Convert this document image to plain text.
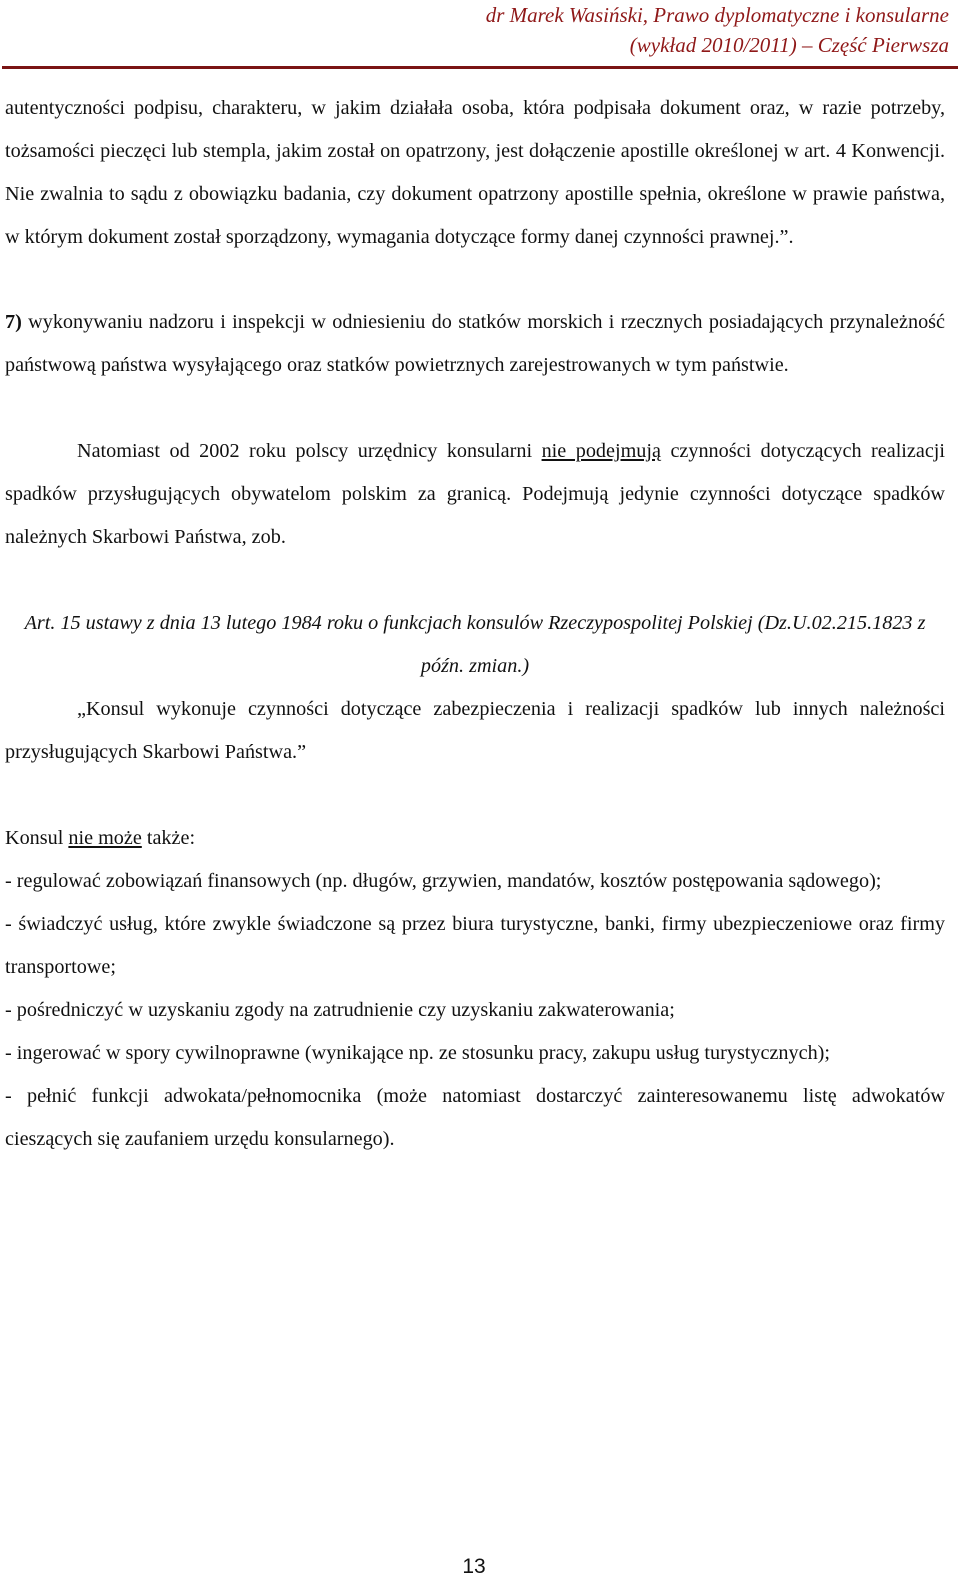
dr Marek Wasiński, Prawo dyplomatyczne i konsularne
(wykład 2010/2011) – Część Pierwsza

autentyczności podpisu, charakteru, w jakim działała osoba, która podpisała dokument oraz, w razie potrzeby, tożsamości pieczęci lub stempla, jakim został on opatrzony, jest dołączenie apostille określonej w art. 4 Konwencji. Nie zwalnia to sądu z obowiązku badania, czy dokument opatrzony apostille spełnia, określone w prawie państwa, w którym dokument został sporządzony, wymagania dotyczące formy danej czynności prawnej.”.

7) wykonywaniu nadzoru i inspekcji w odniesieniu do statków morskich i rzecznych posiadających przynależność państwową państwa wysyłającego oraz statków powietrznych zarejestrowanych w tym państwie.

Natomiast od 2002 roku polscy urzędnicy konsularni nie podejmują czynności dotyczących realizacji spadków przysługujących obywatelom polskim za granicą. Podejmują jedynie czynności dotyczące spadków należnych Skarbowi Państwa, zob.

Art. 15 ustawy z dnia 13 lutego 1984 roku o funkcjach konsulów Rzeczypospolitej Polskiej (Dz.U.02.215.1823 z późn. zmian.)

„Konsul wykonuje czynności dotyczące zabezpieczenia i realizacji spadków lub innych należności przysługujących Skarbowi Państwa.”

Konsul nie może także:

- regulować zobowiązań finansowych (np. długów, grzywien, mandatów, kosztów postępowania sądowego);

- świadczyć usług, które zwykle świadczone są przez biura turystyczne, banki, firmy ubezpieczeniowe oraz firmy transportowe;

- pośredniczyć w uzyskaniu zgody na zatrudnienie czy uzyskaniu zakwaterowania;

- ingerować w spory cywilnoprawne (wynikające np. ze stosunku pracy, zakupu usług turystycznych);

- pełnić funkcji adwokata/pełnomocnika (może natomiast dostarczyć zainteresowanemu listę adwokatów cieszących się zaufaniem urzędu konsularnego).

13
